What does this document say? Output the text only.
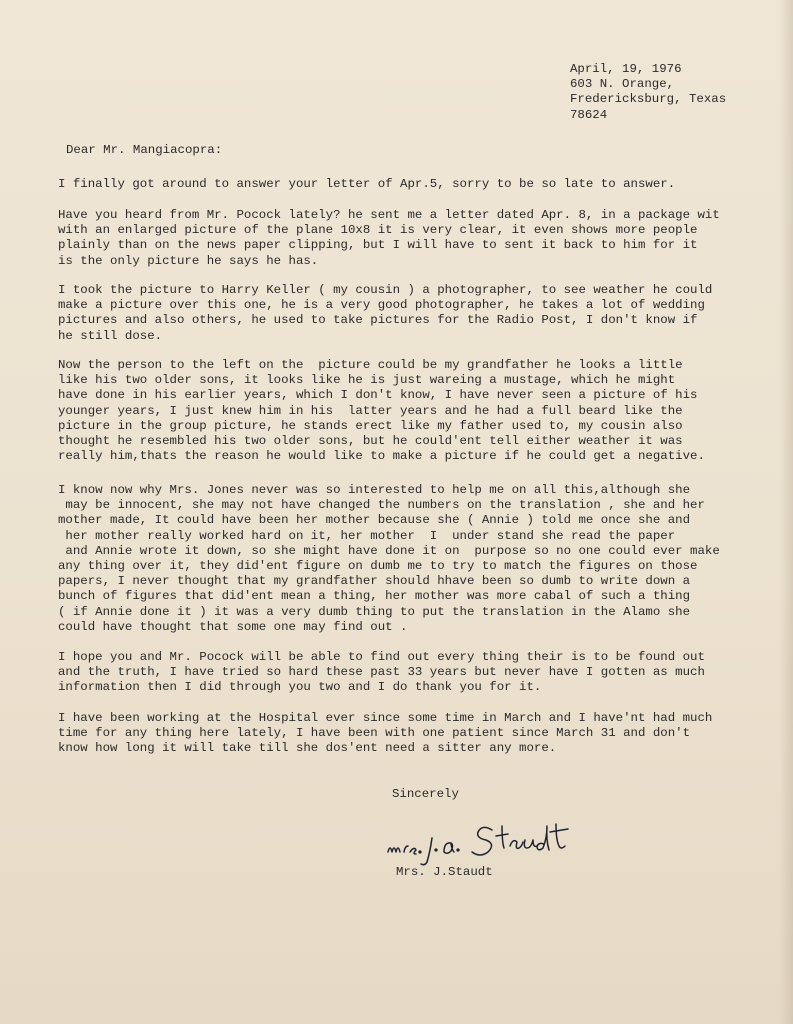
April, 19, 1976
603 N. Orange,
Fredericksburg, Texas
78624
Dear Mr. Mangiacopra:
I finally got around to answer your letter of Apr.5, sorry to be so late to answer.
Have you heard from Mr. Pocock lately? he sent me a letter dated Apr. 8, in a package wit
with an enlarged picture of the plane 10x8 it is very clear, it even shows more people
plainly than on the news paper clipping, but I will have to sent it back to him for it
is the only picture he says he has.
I took the picture to Harry Keller ( my cousin ) a photographer, to see weather he could
make a picture over this one, he is a very good photographer, he takes a lot of wedding
pictures and also others, he used to take pictures for the Radio Post, I don't know if
he still dose.
Now the person to the left on the  picture could be my grandfather he looks a little
like his two older sons, it looks like he is just wareing a mustage, which he might
have done in his earlier years, which I don't know, I have never seen a picture of his
younger years, I just knew him in his  latter years and he had a full beard like the
picture in the group picture, he stands erect like my father used to, my cousin also
thought he resembled his two older sons, but he could'ent tell either weather it was
really him,thats the reason he would like to make a picture if he could get a negative.
I know now why Mrs. Jones never was so interested to help me on all this,although she
may be innocent, she may not have changed the numbers on the translation , she and her
mother made, It could have been her mother because she ( Annie ) told me once she and
her mother really worked hard on it, her mother  I  under stand she read the paper
and Annie wrote it down, so she might have done it on  purpose so no one could ever make
any thing over it, they did'ent figure on dumb me to try to match the figures on those
papers, I never thought that my grandfather should hhave been so dumb to write down a
bunch of figures that did'ent mean a thing, her mother was more cabal of such a thing
( if Annie done it ) it was a very dumb thing to put the translation in the Alamo she
could have thought that some one may find out .
I hope you and Mr. Pocock will be able to find out every thing their is to be found out
and the truth, I have tried so hard these past 33 years but never have I gotten as much
information then I did through you two and I do thank you for it.
I have been working at the Hospital ever since some time in March and I have'nt had much
time for any thing here lately, I have been with one patient since March 31 and don't
know how long it will take till she dos'ent need a sitter any more.
Sincerely
Mrs. J.Staudt
